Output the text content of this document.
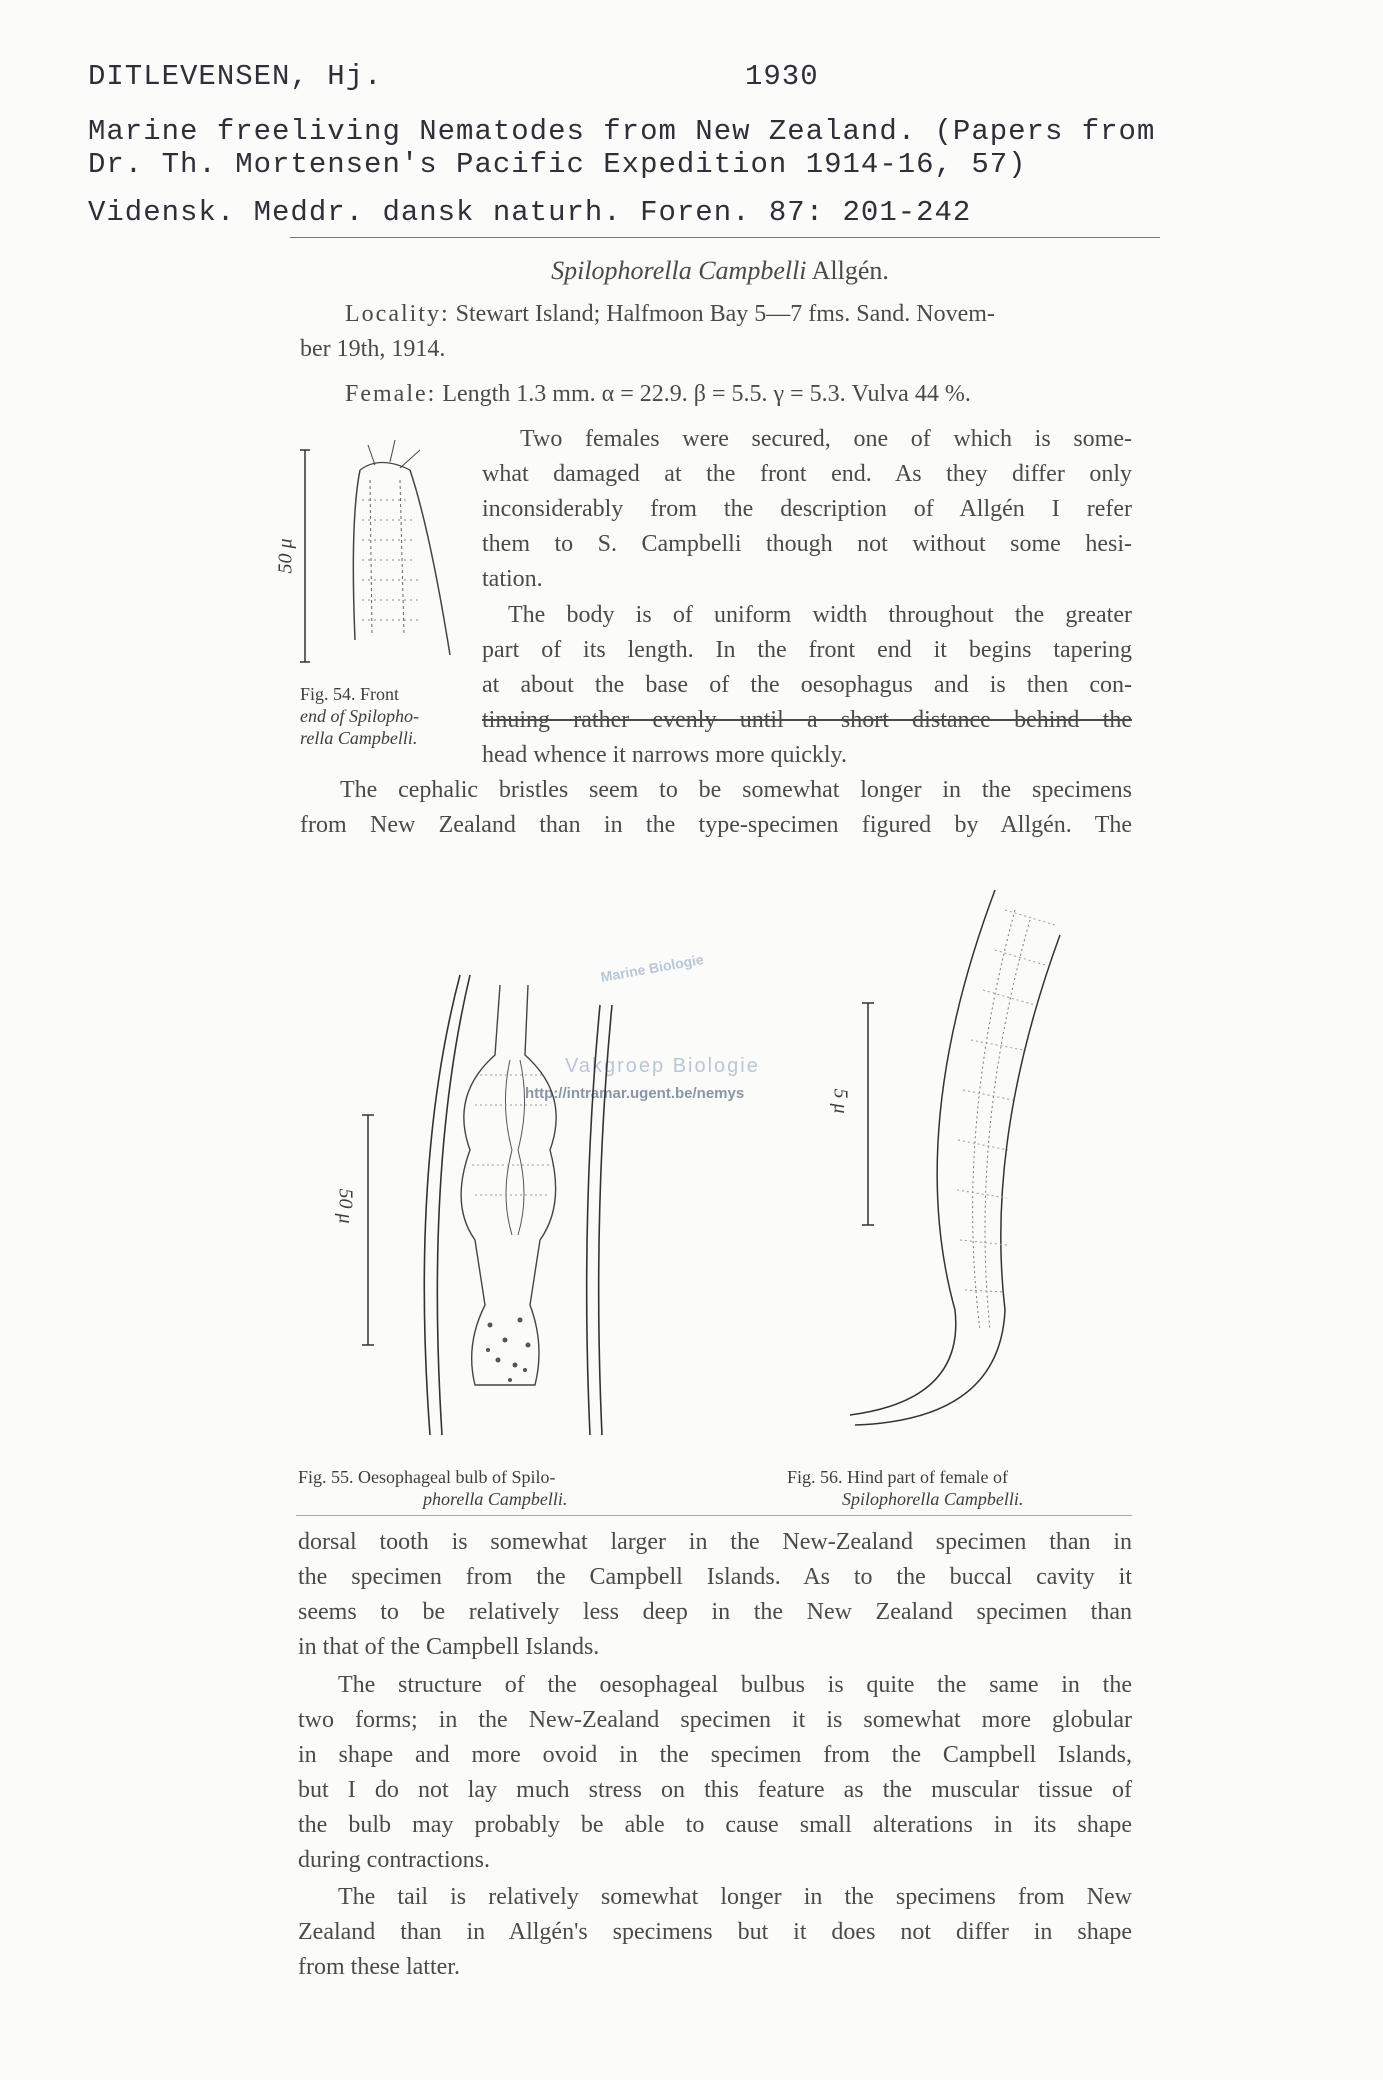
DITLEVENSEN, Hj.	1930
Marine freeliving Nematodes from New Zealand. (Papers from
Dr. Th. Mortensen's Pacific Expedition 1914-16, 57)
Vidensk. Meddr. dansk naturh. Foren. 87: 201-242
Spilophorella Campbelli Allgén.
Locality: Stewart Island; Halfmoon Bay 5—7 fms. Sand. Novem-
ber 19th, 1914.
Female: Length 1.3 mm. α = 22.9. β = 5.5. γ = 5.3. Vulva 44 %.
Two females were secured, one of which is some-
what damaged at the front end. As they differ only
inconsiderably from the description of Allgén I refer
them to S. Campbelli though not without some hesi-
tation.
The body is of uniform width throughout the greater
part of its length. In the front end it begins tapering
at about the base of the oesophagus and is then con-
tinuing rather evenly until a short distance behind the
head whence it narrows more quickly.
The cephalic bristles seem to be somewhat longer in the specimens
from New Zealand than in the type-specimen figured by Allgén. The
50 μ
Fig. 54. Front
end of Spilopho-
rella Campbelli.
Marine Biologie
Vakgroep Biologie
http://intramar.ugent.be/nemys
50 μ
Fig. 55. Oesophageal bulb of Spilo-
phorella Campbelli.
5 μ
Fig. 56. Hind part of female of
Spilophorella Campbelli.
dorsal tooth is somewhat larger in the New-Zealand specimen than in
the specimen from the Campbell Islands. As to the buccal cavity it
seems to be relatively less deep in the New Zealand specimen than
in that of the Campbell Islands.
The structure of the oesophageal bulbus is quite the same in the
two forms; in the New-Zealand specimen it is somewhat more globular
in shape and more ovoid in the specimen from the Campbell Islands,
but I do not lay much stress on this feature as the muscular tissue of
the bulb may probably be able to cause small alterations in its shape
during contractions.
The tail is relatively somewhat longer in the specimens from New
Zealand than in Allgén's specimens but it does not differ in shape
from these latter.
